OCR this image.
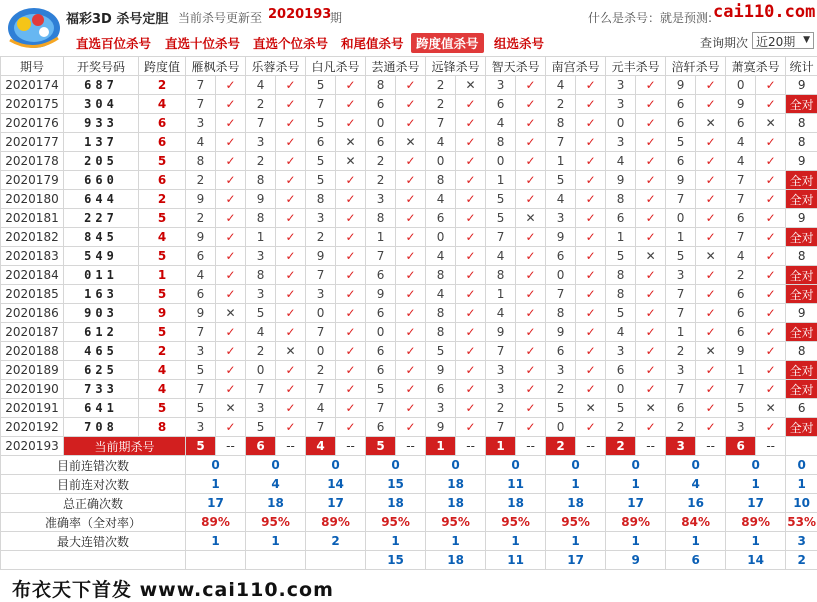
福彩3D 杀号定胆 当前杀号更新至 2020193
期	什么是杀号：就是预测: cai110.com
直选百位杀号 直选十位杀号 直选个位杀号 和尾值杀号 跨度值杀号	组选杀号	查询期次 近20期 ▼
期号	开奖号码	跨度值	雁枫杀号		乐蓉杀号		白凡杀号		芸通杀号		远锋杀号		智天杀号		南宫杀号		元丰杀号		涪轩杀号		萧寞杀号		统计
2020174	687	2	7	✓	4	✓	5	✓	8	✓	2	✕	3	✓	4	✓	3	✓	9	✓	0	✓	9
2020175	304	4	7	✓	2	✓	7	✓	6	✓	2	✓	6	✓	2	✓	3	✓	6	✓	9	✓	全对
2020176	933	6	3	✓	7	✓	5	✓	0	✓	7	✓	4	✓	8	✓	0	✓	6	✕	6	✕	8
2020177	137	6	4	✓	3	✓	6	✕	6	✕	4	✓	8	✓	7	✓	3	✓	5	✓	4	✓	8
2020178	205	5	8	✓	2	✓	5	✕	2	✓	0	✓	0	✓	1	✓	4	✓	6	✓	4	✓	9
2020179	660	6	2	✓	8	✓	5	✓	2	✓	8	✓	1	✓	5	✓	9	✓	9	✓	7	✓	全对
2020180	644	2	9	✓	9	✓	8	✓	3	✓	4	✓	5	✓	4	✓	8	✓	7	✓	7	✓	全对
2020181	227	5	2	✓	8	✓	3	✓	8	✓	6	✓	5	✕	3	✓	6	✓	0	✓	6	✓	9
2020182	845	4	9	✓	1	✓	2	✓	1	✓	0	✓	7	✓	9	✓	1	✓	1	✓	7	✓	全对
2020183	549	5	6	✓	3	✓	9	✓	7	✓	4	✓	4	✓	6	✓	5	✕	5	✕	4	✓	8
2020184	011	1	4	✓	8	✓	7	✓	6	✓	8	✓	8	✓	0	✓	8	✓	3	✓	2	✓	全对
2020185	163	5	6	✓	3	✓	3	✓	9	✓	4	✓	1	✓	7	✓	8	✓	7	✓	6	✓	全对
2020186	903	9	9	✕	5	✓	0	✓	6	✓	8	✓	4	✓	8	✓	5	✓	7	✓	6	✓	9
2020187	612	5	7	✓	4	✓	7	✓	0	✓	8	✓	9	✓	9	✓	4	✓	1	✓	6	✓	全对
2020188	465	2	3	✓	2	✕	0	✓	6	✓	5	✓	7	✓	6	✓	3	✓	2	✕	9	✓	8
2020189	625	4	5	✓	0	✓	2	✓	6	✓	9	✓	3	✓	3	✓	6	✓	3	✓	1	✓	全对
2020190	733	4	7	✓	7	✓	7	✓	5	✓	6	✓	3	✓	2	✓	0	✓	7	✓	7	✓	全对
2020191	641	5	5	✕	3	✓	4	✓	7	✓	3	✓	2	✓	5	✕	5	✕	6	✓	5	✕	6
2020192	708	8	3	✓	5	✓	7	✓	6	✓	9	✓	7	✓	0	✓	2	✓	2	✓	3	✓	全对
2020193	当前期杀号		5	--	6	--	4	--	5	--	1	--	1	--	2	--	2	--	3	--	6	--	
目前连错次数			0		0		0		0		0		0		0		0		0		0		0
目前连对次数			1		4		14		15		18		11		1		1		4		1		1
总正确次数			17		18		17		18		18		18		18		17		16		17		10
准确率（全对率）			89%		95%		89%		95%		95%		95%		95%		89%		84%		89%		53%
最大连错次数			1		1		2		1		1		1		1		1		1		1		3
									15		18		11		17		9		6		14		2
布衣天下首发 www.cai110.com
